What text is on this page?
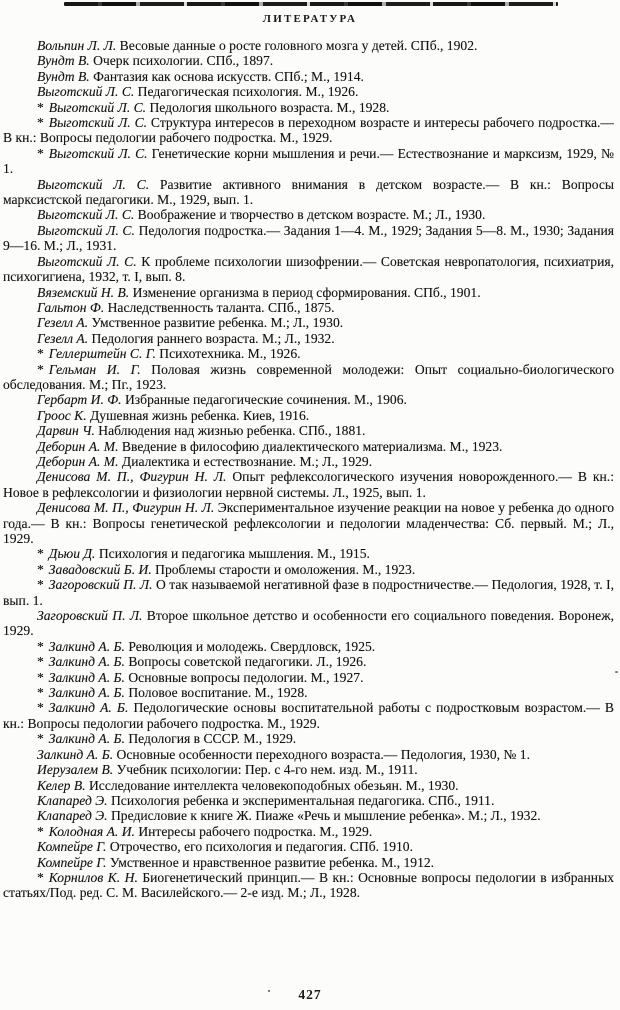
ЛИТЕРАТУРА

Вольпин Л. Л. Весовые данные о росте головного мозга у детей. СПб., 1902.

Вундт В. Очерк психологии. СПб., 1897.

Вундт В. Фантазия как основа искусств. СПб.; М., 1914.

Выготский Л. С. Педагогическая психология. М., 1926.

* Выготский Л. С. Педология школьного возраста. М., 1928.

* Выготский Л. С. Структура интересов в переходном возрасте и интересы рабочего подростка.— В кн.: Вопросы педологии рабочего подростка. М., 1929.

* Выготский Л. С. Генетические корни мышления и речи.— Естествознание и марксизм, 1929, № 1.

Выготский Л. С. Развитие активного внимания в детском возрасте.— В кн.: Вопросы марксистской педагогики. М., 1929, вып. 1.

Выготский Л. С. Воображение и творчество в детском возрасте. М.; Л., 1930.

Выготский Л. С. Педология подростка.— Задания 1—4. М., 1929; Задания 5—8. М., 1930; Задания 9—16. М.; Л., 1931.

Выготский Л. С. К проблеме психологии шизофрении.— Советская невропатология, психиатрия, психогигиена, 1932, т. I, вып. 8.

Вяземский Н. В. Изменение организма в период сформирования. СПб., 1901.

Гальтон Ф. Наследственность таланта. СПб., 1875.

Гезелл А. Умственное развитие ребенка. М.; Л., 1930.

Гезелл А. Педология раннего возраста. М.; Л., 1932.

* Геллерштейн С. Г. Психотехника. М., 1926.

* Гельман И. Г. Половая жизнь современной молодежи: Опыт социально-биологического обследования. М.; Пг., 1923.

Гербарт И. Ф. Избранные педагогические сочинения. М., 1906.

Гроос К. Душевная жизнь ребенка. Киев, 1916.

Дарвин Ч. Наблюдения над жизнью ребенка. СПб., 1881.

Деборин А. М. Введение в философию диалектического материализма. М., 1923.

Деборин А. М. Диалектика и естествознание. М.; Л., 1929.

Денисова М. П., Фигурин Н. Л. Опыт рефлексологического изучения новорожденного.— В кн.: Новое в рефлексологии и физиологии нервной системы. Л., 1925, вып. 1.

Денисова М. П., Фигурин Н. Л. Экспериментальное изучение реакции на новое у ребенка до одного года.— В кн.: Вопросы генетической рефлексологии и педологии младенчества: Сб. первый. М.; Л., 1929.

* Дьюи Д. Психология и педагогика мышления. М., 1915.

* Завадовский Б. И. Проблемы старости и омоложения. М., 1923.

* Загоровский П. Л. О так называемой негативной фазе в подростничестве.— Педология, 1928, т. I, вып. 1.

Загоровский П. Л. Второе школьное детство и особенности его социального поведения. Воронеж, 1929.

* Залкинд А. Б. Революция и молодежь. Свердловск, 1925.

* Залкинд А. Б. Вопросы советской педагогики. Л., 1926.

* Залкинд А. Б. Основные вопросы педологии. М., 1927.

* Залкинд А. Б. Половое воспитание. М., 1928.

* Залкинд А. Б. Педологические основы воспитательной работы с подростковым возрастом.— В кн.: Вопросы педологии рабочего подростка. М., 1929.

* Залкинд А. Б. Педология в СССР. М., 1929.

Залкинд А. Б. Основные особенности переходного возраста.— Педология, 1930, № 1.

Иерузалем В. Учебник психологии: Пер. с 4-го нем. изд. М., 1911.

Келер В. Исследование интеллекта человекоподобных обезьян. М., 1930.

Клапаред Э. Психология ребенка и экспериментальная педагогика. СПб., 1911.

Клапаред Э. Предисловие к книге Ж. Пиаже «Речь и мышление ребенка». М.; Л., 1932.

* Колодная А. И. Интересы рабочего подростка. М., 1929.

Компейре Г. Отрочество, его психология и педагогия. СПб. 1910.

Компейре Г. Умственное и нравственное развитие ребенка. М., 1912.

* Корнилов К. Н. Биогенетический принцип.— В кн.: Основные вопросы педологии в избранных статьях/Под. ред. С. М. Василейского.— 2-е изд. М.; Л., 1928.

427
